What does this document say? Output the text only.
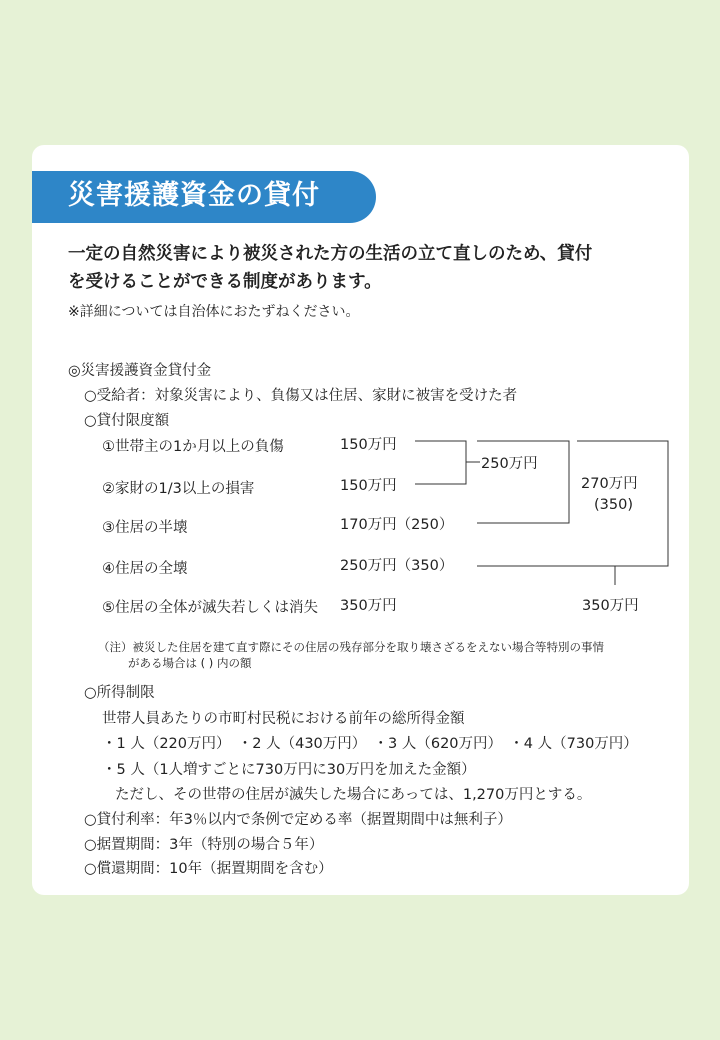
災害援護資金の貸付
一定の自然災害により被災された方の生活の立て直しのため、貸付
を受けることができる制度があります。
※詳細については自治体におたずねください。
◎災害援護資金貸付金
○受給者：対象災害により、負傷又は住居、家財に被害を受けた者
○貸付限度額
①世帯主の1か月以上の負傷	150万円
②家財の1/3以上の損害	150万円
③住居の半壊	170万円（250）
④住居の全壊	250万円（350）
⑤住居の全体が滅失若しくは消失 350万円
250万円
270万円
(350)
350万円
（注）被災した住居を建て直す際にその住居の残存部分を取り壊さざるをえない場合等特別の事情
がある場合は ( ) 内の額
○所得制限
世帯人員あたりの市町村民税における前年の総所得金額
・1 人（220万円）　・2 人（430万円）　・3 人（620万円）　・4 人（730万円）
・5 人（1人増すごとに730万円に30万円を加えた金額）
ただし、その世帯の住居が滅失した場合にあっては、1,270万円とする。
○貸付利率：年3％以内で条例で定める率（据置期間中は無利子）
○据置期間：3年（特別の場合５年）
○償還期間：10年（据置期間を含む）
